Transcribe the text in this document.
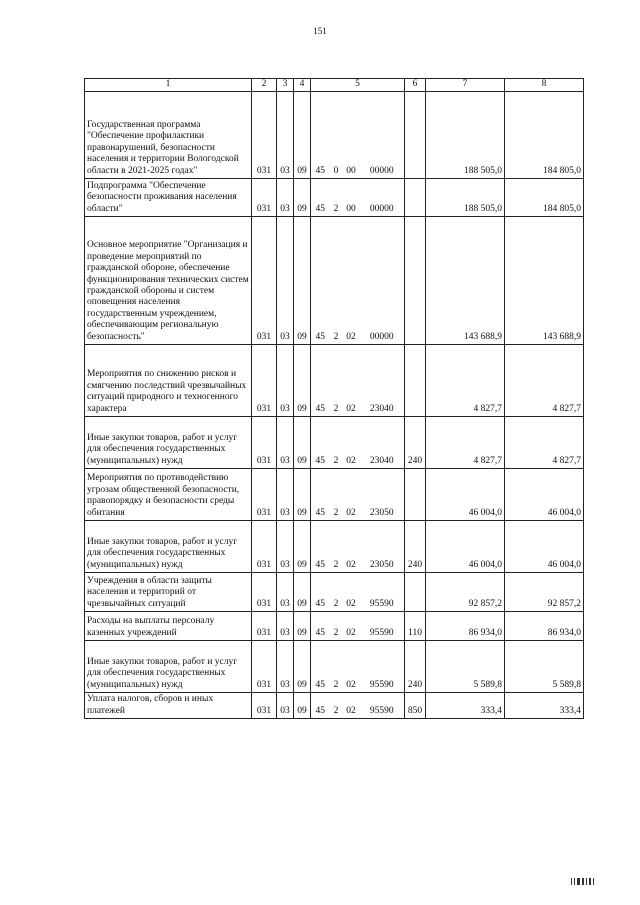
151
1	2	3	4	5				6	7	8
Государственная программа "Обеспечение профилактики правонарушений, безопасности населения и территории Вологодской области в 2021-2025 годах"	031	03	09	45	0	00	00000		188 505,0	184 805,0
Подпрограмма "Обеспечение безопасности проживания населения области"	031	03	09	45	2	00	00000		188 505,0	184 805,0
Основное мероприятие "Организация и проведение мероприятий по гражданской обороне, обеспечение функционирования технических систем гражданской обороны и систем оповещения населения государственным учреждением, обеспечивающим региональную безопасность"	031	03	09	45	2	02	00000		143 688,9	143 688,9
Мероприятия по снижению рисков и смягчению последствий чрезвычайных ситуаций природного и техногенного характера	031	03	09	45	2	02	23040		4 827,7	4 827,7
Иные закупки товаров, работ и услуг для обеспечения государственных (муниципальных) нужд	031	03	09	45	2	02	23040	240	4 827,7	4 827,7
Мероприятия по противодействию угрозам общественной безопасности, правопорядку и безопасности среды обитания	031	03	09	45	2	02	23050		46 004,0	46 004,0
Иные закупки товаров, работ и услуг для обеспечения государственных (муниципальных) нужд	031	03	09	45	2	02	23050	240	46 004,0	46 004,0
Учреждения в области защиты населения и территорий от чрезвычайных ситуаций	031	03	09	45	2	02	95590		92 857,2	92 857,2
Расходы на выплаты персоналу казенных учреждений	031	03	09	45	2	02	95590	110	86 934,0	86 934,0
Иные закупки товаров, работ и услуг для обеспечения государственных (муниципальных) нужд	031	03	09	45	2	02	95590	240	5 589,8	5 589,8
Уплата налогов, сборов и иных платежей	031	03	09	45	2	02	95590	850	333,4	333,4
